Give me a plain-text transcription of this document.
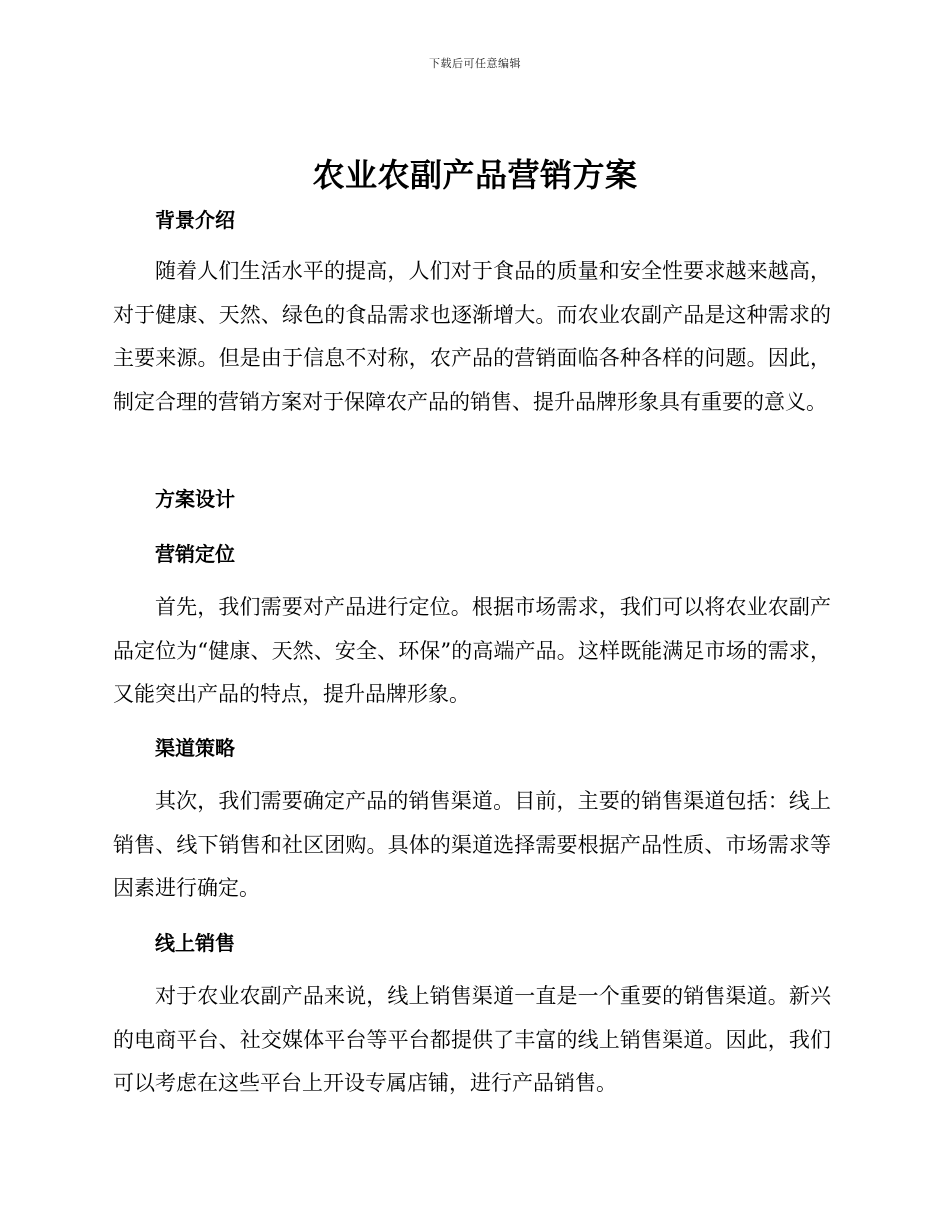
下载后可任意编辑
农业农副产品营销方案
背景介绍

随着人们生活水平的提高，人们对于食品的质量和安全性要求越来越高，对于健康、天然、绿色的食品需求也逐渐增大。而农业农副产品是这种需求的主要来源。但是由于信息不对称，农产品的营销面临各种各样的问题。因此，制定合理的营销方案对于保障农产品的销售、提升品牌形象具有重要的意义。

方案设计
营销定位

首先，我们需要对产品进行定位。根据市场需求，我们可以将农业农副产品定位为“健康、天然、安全、环保”的高端产品。这样既能满足市场的需求，又能突出产品的特点，提升品牌形象。

渠道策略

其次，我们需要确定产品的销售渠道。目前，主要的销售渠道包括：线上销售、线下销售和社区团购。具体的渠道选择需要根据产品性质、市场需求等因素进行确定。

线上销售

对于农业农副产品来说，线上销售渠道一直是一个重要的销售渠道。新兴的电商平台、社交媒体平台等平台都提供了丰富的线上销售渠道。因此，我们可以考虑在这些平台上开设专属店铺，进行产品销售。
